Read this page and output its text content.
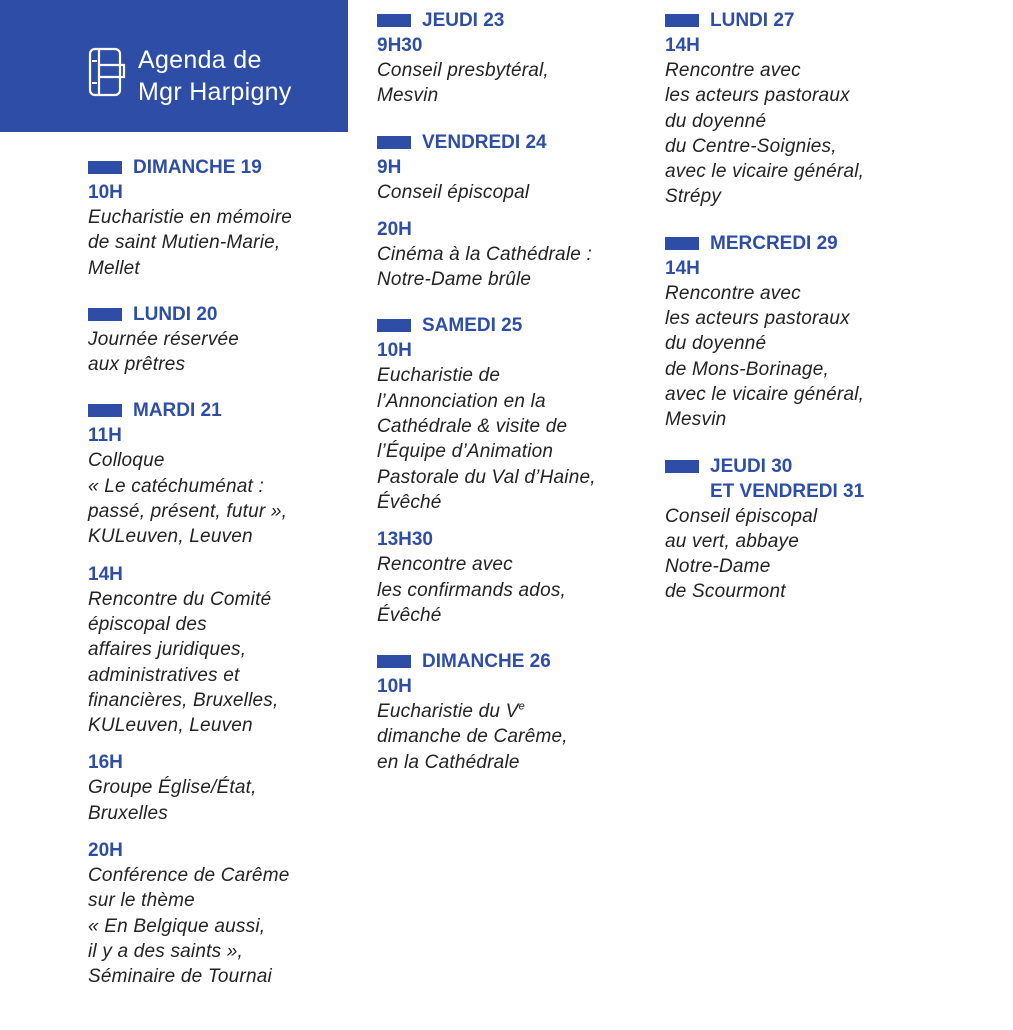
Agenda de
Mgr Harpigny
DIMANCHE 19
10H
Eucharistie en mémoire
de saint Mutien-Marie,
Mellet
LUNDI 20
Journée réservée
aux prêtres
MARDI 21
11H
Colloque
« Le catéchuménat :
passé, présent, futur »,
KULeuven, Leuven
14H
Rencontre du Comité
épiscopal des
affaires juridiques,
administratives et
financières, Bruxelles,
KULeuven, Leuven
16H
Groupe Église/État,
Bruxelles
20H
Conférence de Carême
sur le thème
« En Belgique aussi,
il y a des saints »,
Séminaire de Tournai
JEUDI 23
9H30
Conseil presbytéral,
Mesvin
VENDREDI 24
9H
Conseil épiscopal
20H
Cinéma à la Cathédrale :
Notre-Dame brûle
SAMEDI 25
10H
Eucharistie de
l’Annonciation en la
Cathédrale & visite de
l’Équipe d’Animation
Pastorale du Val d’Haine,
Évêché
13H30
Rencontre avec
les confirmands ados,
Évêché
DIMANCHE 26
10H
Eucharistie du Ve
dimanche de Carême,
en la Cathédrale
LUNDI 27
14H
Rencontre avec
les acteurs pastoraux
du doyenné
du Centre-Soignies,
avec le vicaire général,
Strépy
MERCREDI 29
14H
Rencontre avec
les acteurs pastoraux
du doyenné
de Mons-Borinage,
avec le vicaire général,
Mesvin
JEUDI 30
ET VENDREDI 31
Conseil épiscopal
au vert, abbaye
Notre-Dame
de Scourmont
